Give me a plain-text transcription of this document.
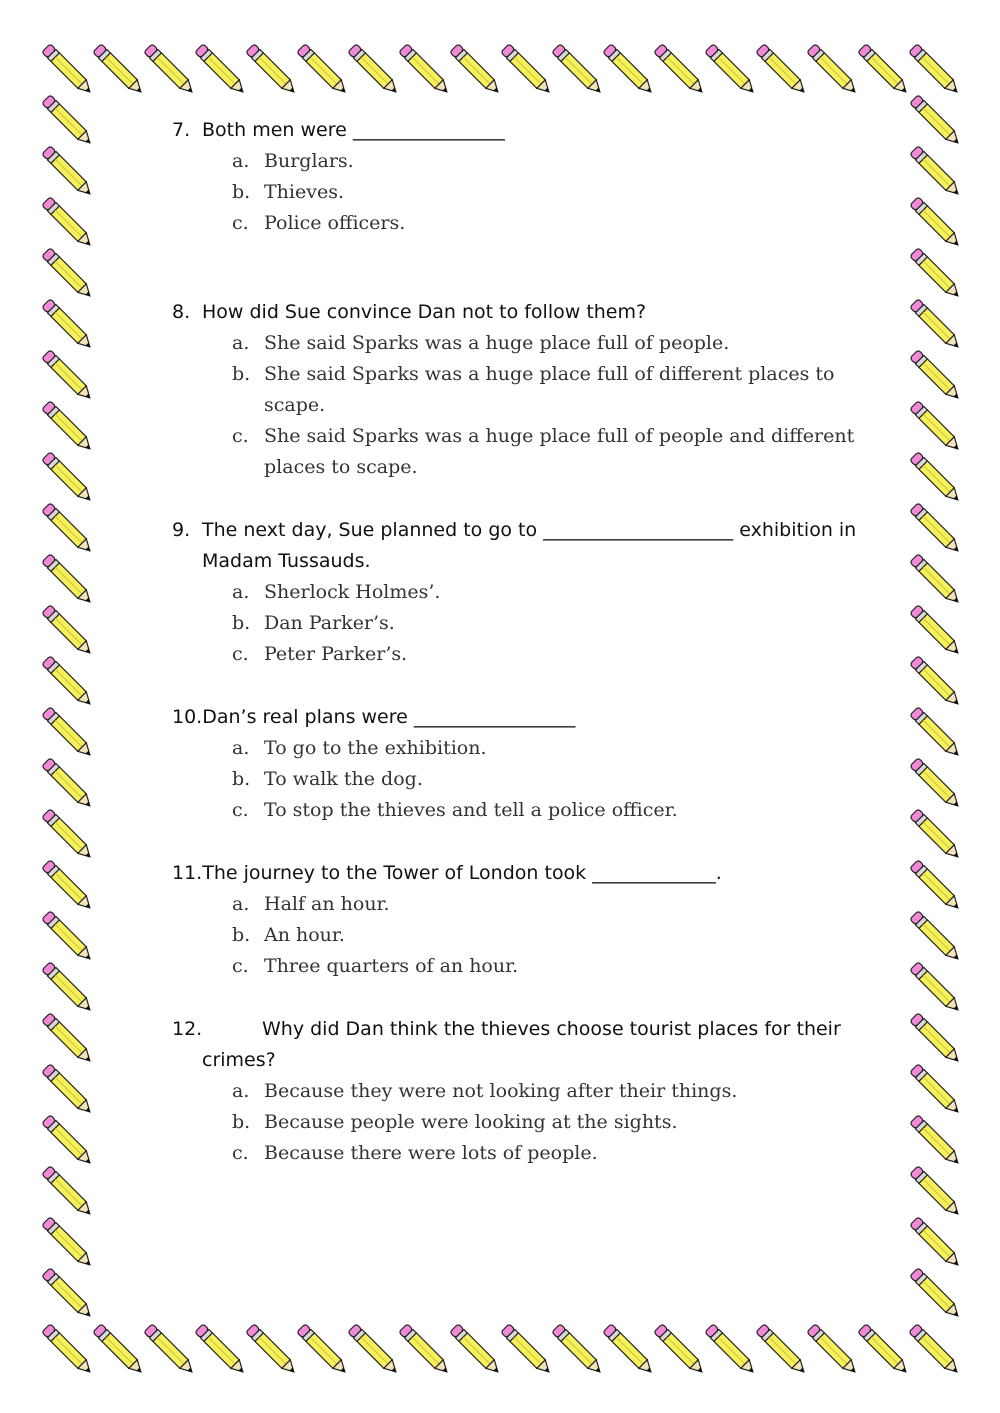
7. Both men were ________________

a. Burglars.
b. Thieves.
c. Police officers.

8. How did Sue convince Dan not to follow them?

a. She said Sparks was a huge place full of people.
b. She said Sparks was a huge place full of different places to scape.
c. She said Sparks was a huge place full of people and different places to scape.

9. The next day, Sue planned to go to ____________________ exhibition in Madam Tussauds.

a. Sherlock Holmes’.
b. Dan Parker’s.
c. Peter Parker’s.

10.Dan’s real plans were _________________

a. To go to the exhibition.
b. To walk the dog.
c. To stop the thieves and tell a police officer.

11.The journey to the Tower of London took _____________.

a. Half an hour.
b. An hour.
c. Three quarters of an hour.

12.	Why did Dan think the thieves choose tourist places for their crimes?

a. Because they were not looking after their things.
b. Because people were looking at the sights.
c. Because there were lots of people.
